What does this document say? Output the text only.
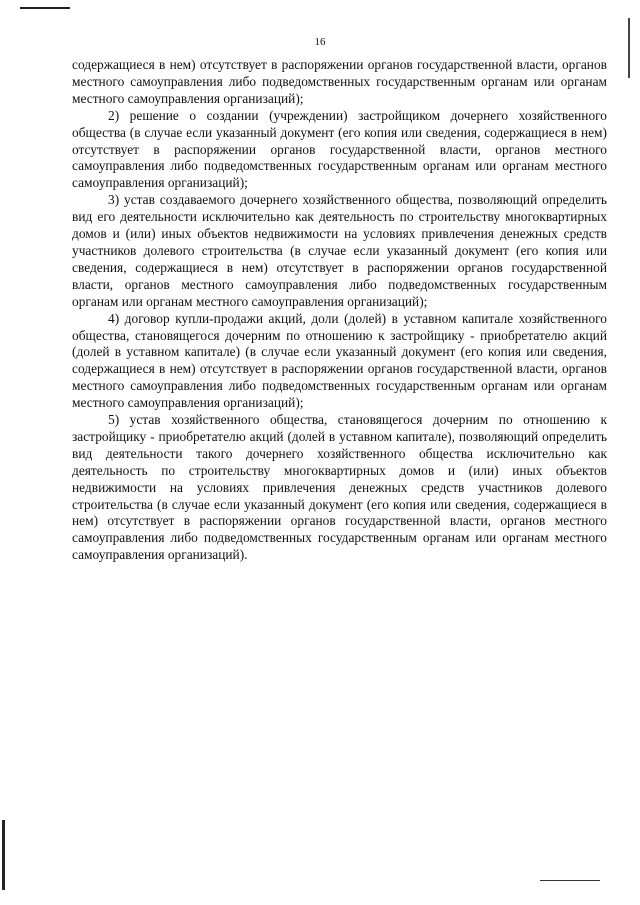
16

содержащиеся в нем) отсутствует в распоряжении органов государственной власти, органов местного самоуправления либо подведомственных государственным органам или органам местного самоуправления организаций);

2) решение о создании (учреждении) застройщиком дочернего хозяйственного общества (в случае если указанный документ (его копия или сведения, содержащиеся в нем) отсутствует в распоряжении органов государственной власти, органов местного самоуправления либо подведомственных государственным органам или органам местного самоуправления организаций);

3) устав создаваемого дочернего хозяйственного общества, позволяющий определить вид его деятельности исключительно как деятельность по строительству многоквартирных домов и (или) иных объектов недвижимости на условиях привлечения денежных средств участников долевого строительства (в случае если указанный документ (его копия или сведения, содержащиеся в нем) отсутствует в распоряжении органов государственной власти, органов местного самоуправления либо подведомственных государственным органам или органам местного самоуправления организаций);

4) договор купли-продажи акций, доли (долей) в уставном капитале хозяйственного общества, становящегося дочерним по отношению к застройщику - приобретателю акций (долей в уставном капитале) (в случае если указанный документ (его копия или сведения, содержащиеся в нем) отсутствует в распоряжении органов государственной власти, органов местного самоуправления либо подведомственных государственным органам или органам местного самоуправления организаций);

5) устав хозяйственного общества, становящегося дочерним по отношению к застройщику - приобретателю акций (долей в уставном капитале), позволяющий определить вид деятельности такого дочернего хозяйственного общества исключительно как деятельность по строительству многоквартирных домов и (или) иных объектов недвижимости на условиях привлечения денежных средств участников долевого строительства (в случае если указанный документ (его копия или сведения, содержащиеся в нем) отсутствует в распоряжении органов государственной власти, органов местного самоуправления либо подведомственных государственным органам или органам местного самоуправления организаций).
